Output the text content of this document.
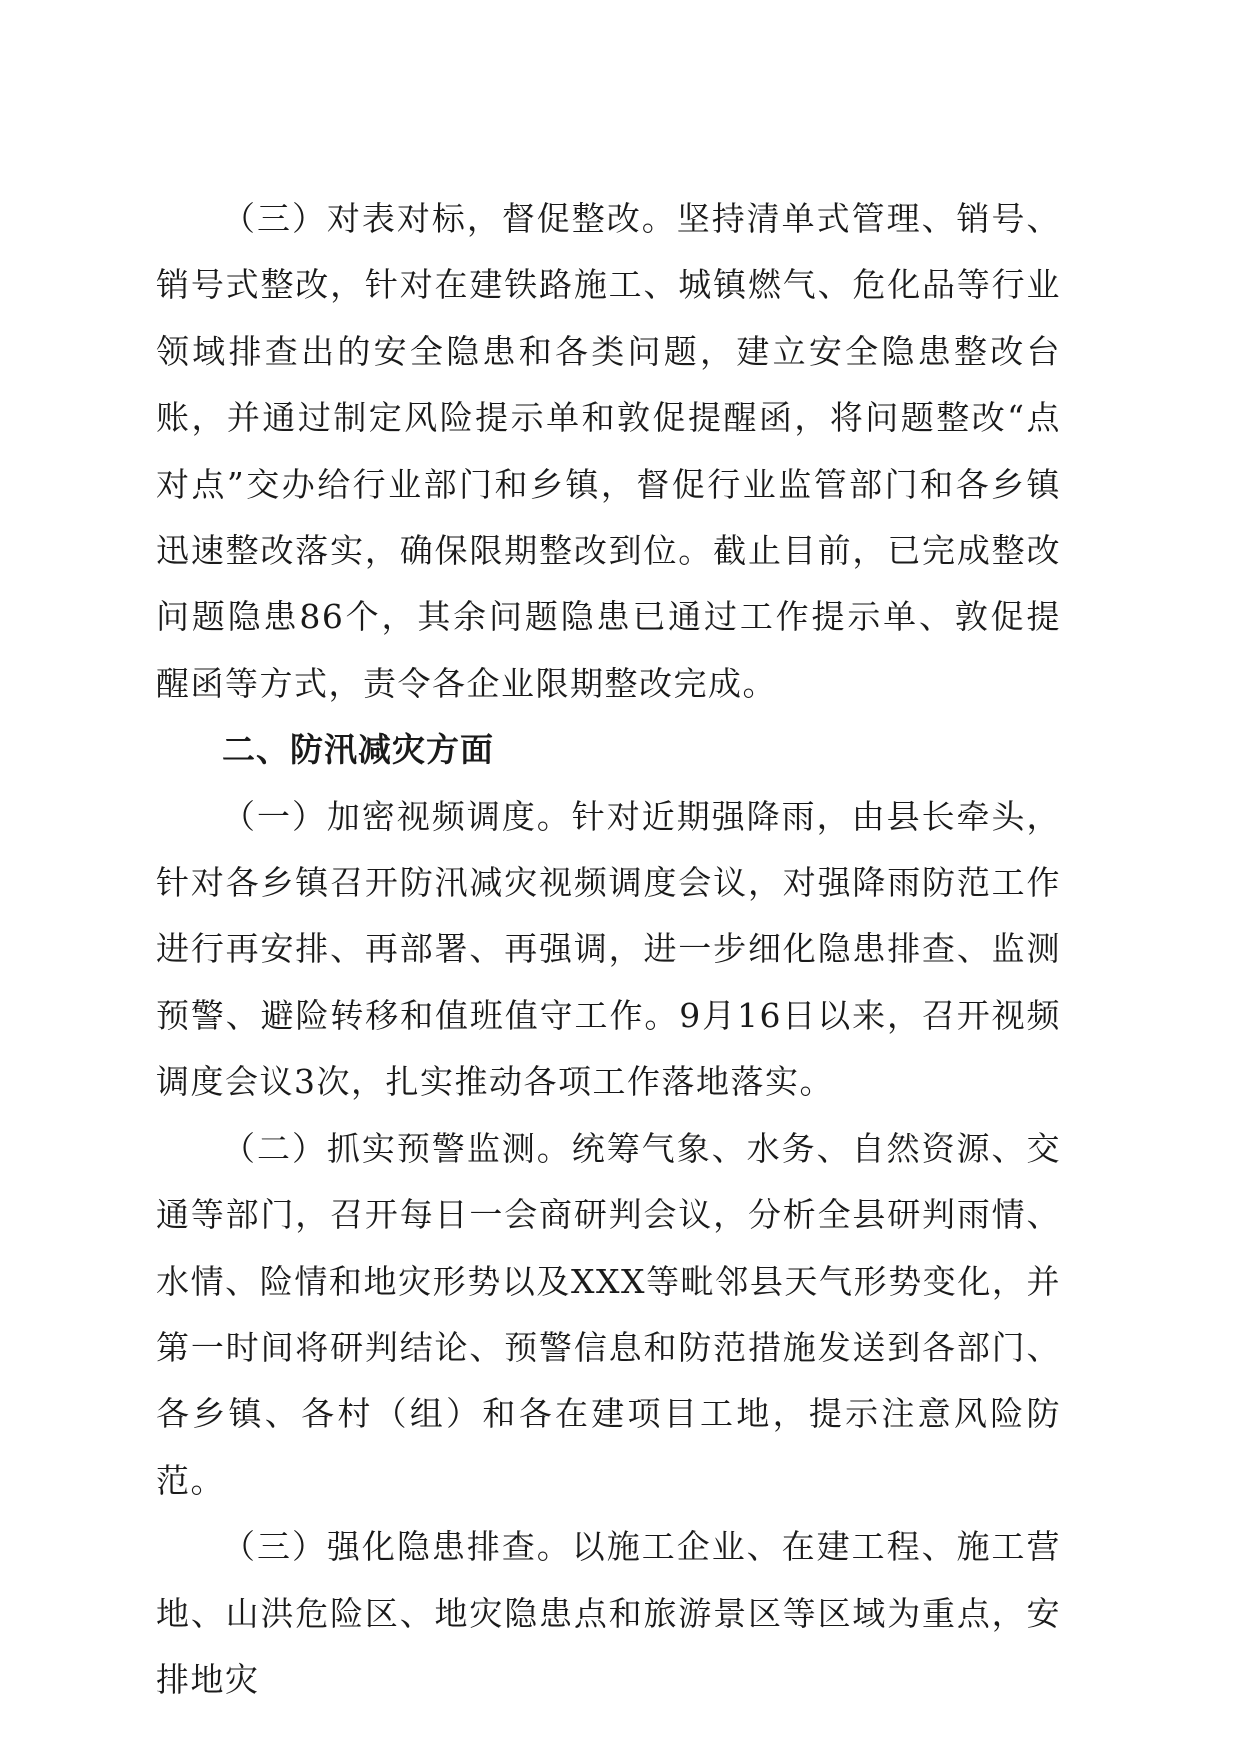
（三）对表对标，督促整改。坚持清单式管理、销号、销号式整改，针对在建铁路施工、城镇燃气、危化品等行业领域排查出的安全隐患和各类问题，建立安全隐患整改台账，并通过制定风险提示单和敦促提醒函，将问题整改“点对点”交办给行业部门和乡镇，督促行业监管部门和各乡镇迅速整改落实，确保限期整改到位。截止目前，已完成整改问题隐患86个，其余问题隐患已通过工作提示单、敦促提醒函等方式，责令各企业限期整改完成。

二、防汛减灾方面

（一）加密视频调度。针对近期强降雨，由县长牵头，针对各乡镇召开防汛减灾视频调度会议，对强降雨防范工作进行再安排、再部署、再强调，进一步细化隐患排查、监测预警、避险转移和值班值守工作。9月16日以来，召开视频调度会议3次，扎实推动各项工作落地落实。

（二）抓实预警监测。统筹气象、水务、自然资源、交通等部门，召开每日一会商研判会议，分析全县研判雨情、水情、险情和地灾形势以及XXX等毗邻县天气形势变化，并第一时间将研判结论、预警信息和防范措施发送到各部门、各乡镇、各村（组）和各在建项目工地，提示注意风险防范。

（三）强化隐患排查。以施工企业、在建工程、施工营地、山洪危险区、地灾隐患点和旅游景区等区域为重点，安排地灾
